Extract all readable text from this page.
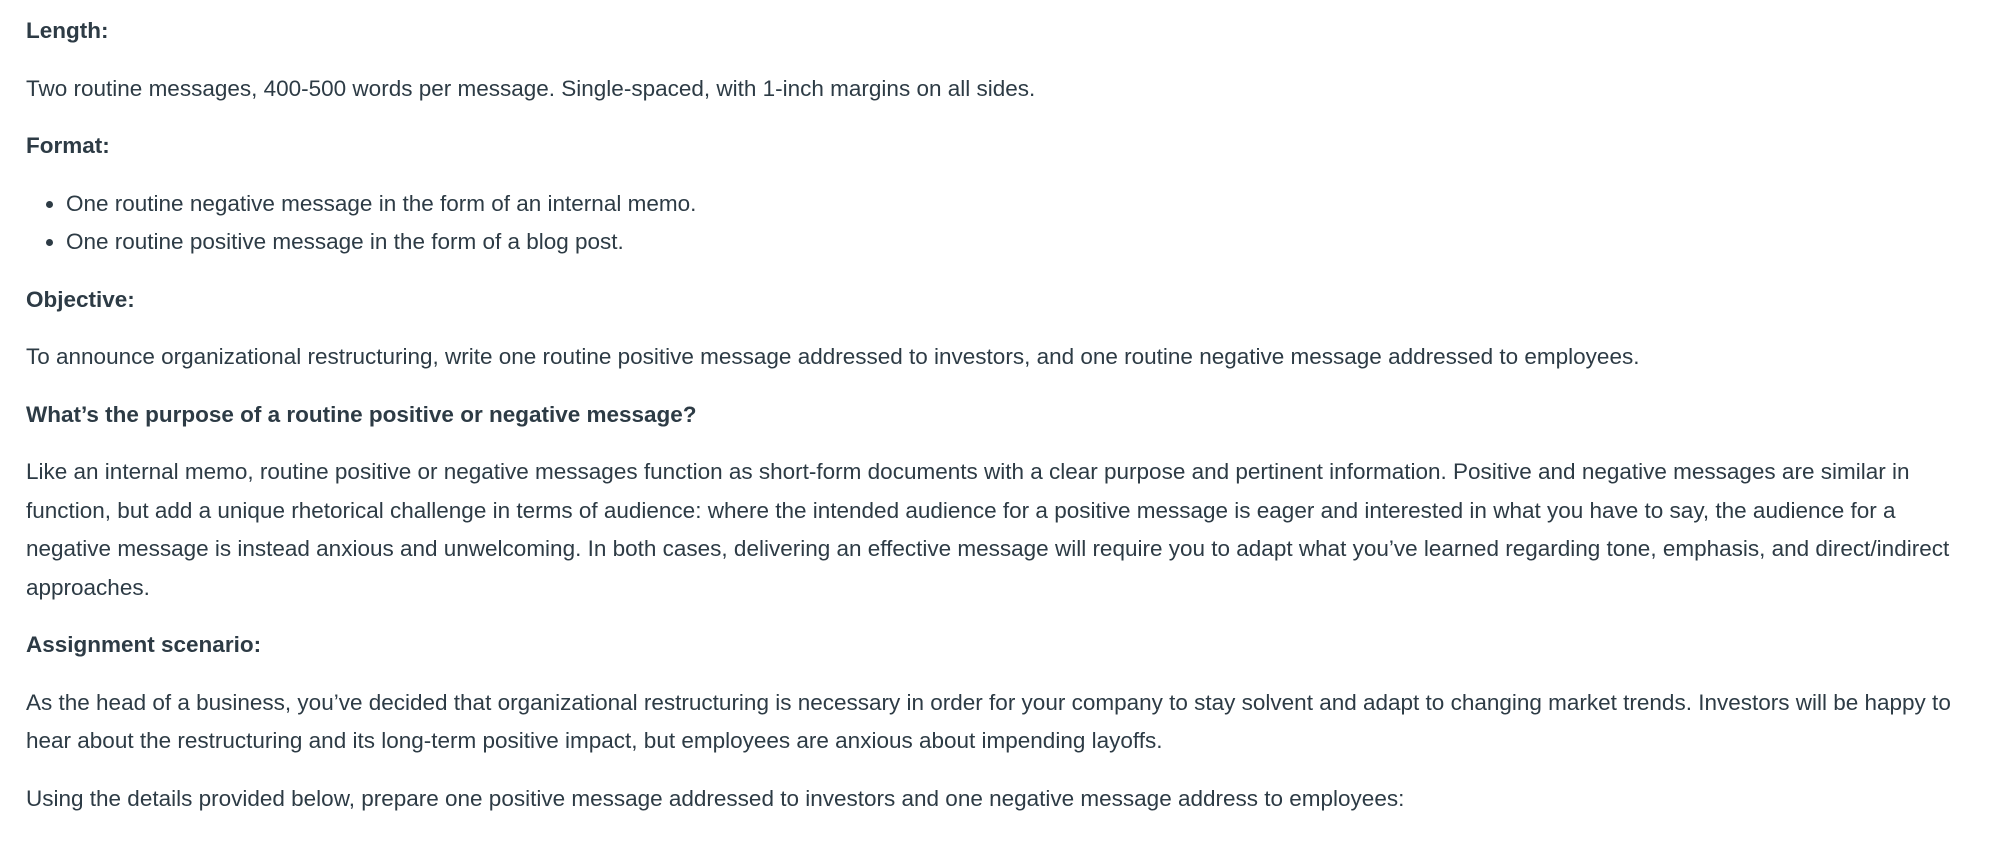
Length:

Two routine messages, 400-500 words per message. Single-spaced, with 1-inch margins on all sides.

Format:

• One routine negative message in the form of an internal memo.
• One routine positive message in the form of a blog post.

Objective:

To announce organizational restructuring, write one routine positive message addressed to investors, and one routine negative message addressed to employees.

What’s the purpose of a routine positive or negative message?

Like an internal memo, routine positive or negative messages function as short-form documents with a clear purpose and pertinent information. Positive and negative messages are similar in function, but add a unique rhetorical challenge in terms of audience: where the intended audience for a positive message is eager and interested in what you have to say, the audience for a negative message is instead anxious and unwelcoming. In both cases, delivering an effective message will require you to adapt what you’ve learned regarding tone, emphasis, and direct/indirect approaches.

Assignment scenario:

As the head of a business, you’ve decided that organizational restructuring is necessary in order for your company to stay solvent and adapt to changing market trends. Investors will be happy to hear about the restructuring and its long-term positive impact, but employees are anxious about impending layoffs.

Using the details provided below, prepare one positive message addressed to investors and one negative message address to employees:
